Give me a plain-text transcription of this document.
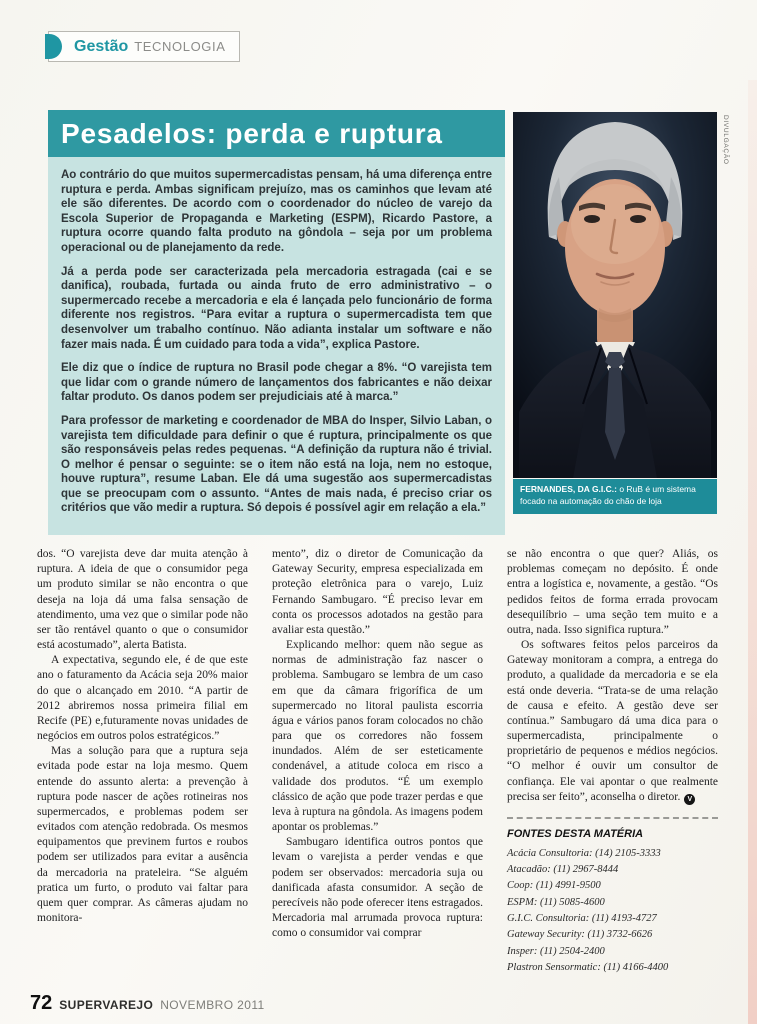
Gestão TECNOLOGIA
Pesadelos: perda e ruptura

Ao contrário do que muitos supermercadistas pensam, há uma diferença entre ruptura e perda. Ambas significam prejuízo, mas os caminhos que levam até ele são diferentes. De acordo com o coordenador do núcleo de varejo da Escola Superior de Propaganda e Marketing (ESPM), Ricardo Pastore, a ruptura ocorre quando falta produto na gôndola – seja por um problema operacional ou de planejamento da rede.

Já a perda pode ser caracterizada pela mercadoria estragada (cai e se danifica), roubada, furtada ou ainda fruto de erro administrativo – o supermercado recebe a mercadoria e ela é lançada pelo funcionário de forma diferente nos registros. “Para evitar a ruptura o supermercadista tem que desenvolver um trabalho contínuo. Não adianta instalar um software e não fazer mais nada. É um cuidado para toda a vida”, explica Pastore.

Ele diz que o índice de ruptura no Brasil pode chegar a 8%. “O varejista tem que lidar com o grande número de lançamentos dos fabricantes e não deixar faltar produto. Os danos podem ser prejudiciais até à marca.”

Para professor de marketing e coordenador de MBA do Insper, Silvio Laban, o varejista tem dificuldade para definir o que é ruptura, principalmente os que são responsáveis pelas redes pequenas. “A definição da ruptura não é trivial. O melhor é pensar o seguinte: se o item não está na loja, nem no estoque, houve ruptura”, resume Laban. Ele dá uma sugestão aos supermercadistas que se preocupam com o assunto. “Antes de mais nada, é preciso criar os critérios que vão medir a ruptura. Só depois é possível agir em relação a ela.”

FERNANDES, DA G.I.C.: o RuB é um sistema focado na automação do chão de loja
DIVULGAÇÃO

dos. “O varejista deve dar muita atenção à ruptura. A ideia de que o consumidor pega um produto similar se não encontra o que deseja na loja dá uma falsa sensação de atendimento, uma vez que o similar pode não ser tão rentável quanto o que o consumidor está acostumado”, alerta Batista.

A expectativa, segundo ele, é de que este ano o faturamento da Acácia seja 20% maior do que o alcançado em 2010. “A partir de 2012 abriremos nossa primeira filial em Recife (PE) e,futuramente novas unidades de negócios em outros polos estratégicos.”

Mas a solução para que a ruptura seja evitada pode estar na loja mesmo. Quem entende do assunto alerta: a prevenção à ruptura pode nascer de ações rotineiras nos supermercados, e problemas podem ser evitados com atenção redobrada. Os mesmos equipamentos que previnem furtos e roubos podem ser utilizados para evitar a ausência da mercadoria na prateleira. “Se alguém pratica um furto, o produto vai faltar para quem quer comprar. As câmeras ajudam no monitora-

mento”, diz o diretor de Comunicação da Gateway Security, empresa especializada em proteção eletrônica para o varejo, Luiz Fernando Sambugaro. “É preciso levar em conta os processos adotados na gestão para avaliar esta questão.”

Explicando melhor: quem não segue as normas de administração faz nascer o problema. Sambugaro se lembra de um caso em que da câmara frigorífica de um supermercado no litoral paulista escorria água e vários panos foram colocados no chão para que os corredores não fossem inundados. Além de ser esteticamente condenável, a atitude coloca em risco a validade dos produtos. “É um exemplo clássico de ação que pode trazer perdas e que leva à ruptura na gôndola. As imagens podem apontar os problemas.”

Sambugaro identifica outros pontos que levam o varejista a perder vendas e que podem ser observados: mercadoria suja ou danificada afasta consumidor. A seção de perecíveis não pode oferecer itens estragados. Mercadoria mal arrumada provoca ruptura: como o consumidor vai comprar

se não encontra o que quer? Aliás, os problemas começam no depósito. É onde entra a logística e, novamente, a gestão. “Os pedidos feitos de forma errada provocam desequilíbrio – uma seção tem muito e a outra, nada. Isso significa ruptura.”

Os softwares feitos pelos parceiros da Gateway monitoram a compra, a entrega do produto, a qualidade da mercadoria e se ela está onde deveria. “Trata-se de uma relação de causa e efeito. A gestão deve ser contínua.” Sambugaro dá uma dica para o supermercadista, principalmente o proprietário de pequenos e médios negócios. “O melhor é ouvir um consultor de confiança. Ele vai apontar o que realmente precisa ser feito”, aconselha o diretor. V

FONTES DESTA MATÉRIA

Acácia Consultoria: (14) 2105-3333

Atacadão: (11) 2967-8444

Coop: (11) 4991-9500

ESPM: (11) 5085-4600

G.I.C. Consultoria: (11) 4193-4727

Gateway Security: (11) 3732-6626

Insper: (11) 2504-2400

Plastron Sensormatic: (11) 4166-4400

72 SUPERVAREJO NOVEMBRO 2011
